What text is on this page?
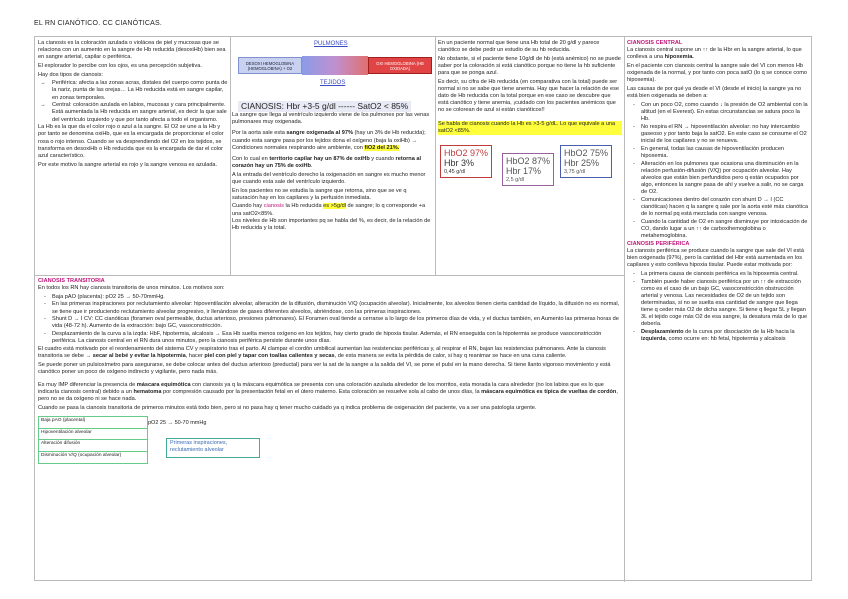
EL RN CIANÓTICO. CC CIANÓTICAS.

La cianosis es la coloración azulada o violácea de piel y mucosas que se relaciona con un aumento en la sangre de Hb reducida (desoxiHb) bien sea en sangre arterial, capilar o periférica.

El explorador lo percibe con los ojos, es una percepción subjetiva.

Hay dos tipos de cianosis:

→ Periférica: afecta a las zonas acras, distales del cuerpo como punta de la nariz, punta de las orejas… La Hb reducida está en sangre capilar, en zonas temporales.
→ Central: coloración azulada en labios, mucosas y cara principalmente. Está aumentada la Hb reducida en sangre arterial, es decir la que sale del ventrículo izquierdo y que por tanto afecta a todo el organismo.

La Hb es la que da el color rojo o azul a la sangre. El O2 se une a la Hb y por tanto se denomina oxiHb, que es la encargada de proporcionar el color rosa o rojo intenso. Cuando se va desprendiendo del O2 en los tejidos, se transforma en desoxiHb o Hb reducida que es la encargada de dar el color azul característico.

Por este motivo la sangre arterial es rojo y la sangre venosa es azulada.

PULMONES
DESOXI HEMOGLOBINA (HEMOGLOBINA) + O2
OXI HEMOGLOBINA (HB OXIDADA)
TEJIDOS
CIANOSIS: Hbr +3-5 g/dl ------ SatO2 < 85%

La sangre que llega al ventrículo izquierdo viene de los pulmones por las venas pulmonares muy oxigenada.

Por la aorta sale esta sangre oxigenada al 97% (hay un 3% de Hb reducida); cuando esta sangre pasa por los tejidos dona el oxígeno (baja la oxiHb) → Condiciones normales respirando aire ambiente, con fiO2 del 21%.

Con lo cual en territorio capilar hay un 87% de oxiHb y cuando retorna al corazón hay un 75% de oxiHb.

A la entrada del ventrículo derecho la oxigenación en sangre es mucho menor que cuando esta sale del ventrículo izquierdo.

En los pacientes no se estudia la sangre que retorna, sino que se ve q saturación hay en los capilares y la perfusión inmediata.

Cuando hay cianosis la Hb reducida es >5g/dl de sangre; lo q corresponde +a una satO2<85%.

Los niveles de Hb son importantes pq se habla del %, es decir, de la relación de Hb reducida y la total.

En un paciente normal que tiene una Hb total de 20 g/dl y parece cianótico se debe pedir un estudio de su hb reducida.

No obstante, si el paciente tiene 10g/dl de hb (está anémico) no se puede saber por la coloración si está cianótico porque no tiene la hb suficiente para que se ponga azul.

Es decir, su cifra de Hb reducida (en comparativa con la total) puede ser normal si no se sabe que tiene anemia. Hay que hacer la relación de ese dato de Hb reducida con la total porque en ese caso se descubre que está cianótico y tiene anemia, ¡cuidado con los pacientes anémicos que no se colorean de azul si están cianóticos!!

Se habla de cianosis cuando la Hb es >3-5 g/dL. Lo que equivale a una satO2 <85%.

HbO2 97%
Hbr 3%
0,45 g/dl
HbO2 87%
Hbr 17%
2,5 g/dl
HbO2 75%
Hbr 25%
3,75 g/dl
CIANOSIS CENTRAL

La cianosis central supone un ↑↑ de la Hbr en la sangre arterial, lo que conlleva a una hipoxemia.

En el paciente con cianosis central la sangre sale del VI con menos Hb oxigenada de la normal, y por tanto con poca satO (lo q se conoce como hipoxemia).

Las causas de por qué ya desde el VI (desde el inicio) la sangre ya no está bien oxigenada se deben a:

- Con un poco O2, como cuando ↓ la presión de O2 ambiental con la altitud (en el Everest). En estas circunstancias se satura poco la Hb.
- No respira el RN → hipoventilación alveolar: no hay intercambio gaseoso y por tanto baja la satO2. En este caso se consume el O2 inicial de los capilares y no se renueva.
- En general, todas las causas de hipoventilación producen hipoxemia.
- Alteración en los pulmones que ocasiona una disminución en la relación perfusión-difusión (V/Q) por ocupación alveolar. Hay alveolos que están bien perfundidos pero q están ocupados por algo, entonces la sangre pasa de ahí y vuelve a salir, no se carga de O2.
- Comunicaciones dentro del corazón con shunt D → I (CC cianóticas) hacen q la sangre q sale por la aorta esté más cianótica de lo normal pq está mezclada con sangre venosa.
- Cuando la cantidad de O2 en sangre disminuye por intoxicación de CO, dando lugar a un ↑↑ de carboxihemoglobina o metahemoglobina.
CIANOSIS PERIFÉRICA

La cianosis periférica se produce cuando la sangre que sale del VI está bien oxigenada (97%), pero la cantidad del Hbr está aumentada en los capilares y esto conlleva hipoxia tisular. Puede estar motivada por:

- La primera causa de cianosis periférica es la hipoxemia central.
- También puede haber cianosis periférica por un ↑↑ de extracción como es el caso de un bajo GC, vasoconstricción obstrucción arterial y venosa. Las necesidades de O2 de un tejido son determinadas, si no se suelta esa cantidad de sangre que llega tiene q ceder más O2 de dicha sangre. Si tiene q llegar 5L y llegan 3L el tejido coge más O2 de esa sangre, la desatura más de lo que debería.
- Desplazamiento de la curva por disociación de la Hb hacia la izquierda, como ocurre en: hb fetal, hipotermia y alcalosis
CIANOSIS TRANSITORIA

En todos los RN hay cianosis transitoria de unos minutos. Los motivos son:

- Baja pAO (placenta): pO2 25 → 50-70mmHg.
- En las primeras inspiraciones por reclutamiento alveolar: hipoventilación alveolar, alteración de la difusión, disminución V/Q (ocupación alveolar). Inicialmente, los alveolos tienen cierta cantidad de líquido, la difusión no es normal, se tiene que ir produciendo reclutamiento alveolar progresivo, ir llenándose de gases diferentes alveolos, abriéndose, con las primeras inspiraciones.
- Shunt D → I CV: CC cianóticas (foramen oval permeable, ductus arterioso, presiones pulmonares). El Foramen oval tiende a cerrarse a lo largo de los primeros días de vida, y el ductus también, en Aumento las primeras horas de vida (48-72 h). Aumento de la extracción: bajo GC, vasoconstricción.
- Desplazamiento de la curva a la izqda: HbF, hipotermia, alcalosis → Esa Hb suelta menos oxígeno en los tejidos, hay cierto grado de hipoxia tisular. Además, el RN enseguida con la hipotermia se produce vasoconstricción periférica. La cianosis central en el RN dura unos minutos, pero la cianosis periférica persiste durante unos días.

El cuadro está motivado por el reordenamiento del sistema CV y respiratorio tras el parto. Al clampar el cordón umbilical aumentan las resistencias periféricas y, al respirar el RN, bajan las resistencias pulmonares. Ante la cianosis transitoria se debe → secar al bebé y evitar la hipotermia, hacer piel con piel y tapar con toallas calientes y secas, de esta manera se evita la pérdida de calor, si hay q reanimar se hace en una cuna caliente.

Se puede poner un pulsioxímetro para asegurarse, se debe colocar antes del ductus arterioso (preductal) para ver la sat de la sangre a la salida del VI, se pone el pulsí en la mano derecha. Si tiene llanto vigoroso movimiento y está cianótico poner un poco de oxígeno indirecto y vigilante, pero nada más.

Es muy IMP diferenciar la presencia de máscara equimótica con cianosis ya q la máscara equimótica se presenta con una coloración azulada alrededor de los morritos, esta morada la cara alrededor (no los labios que es lo que indicaría cianosis central) debido a un hematoma por compresión causado por la presentación fetal en el útero materno. Esta coloración se resuelve sola al cabo de unos días, la máscara equimótica es típica de vueltas de cordón, pero no se da oxígeno ni se hace nada.

Cuando se pasa la cianosis transitoria de primeros minutos está todo bien, pero si no pasa hay q tener mucho cuidado ya q indica problema de oxigenación del paciente, va a ser una patología urgente.

Baja pAO (placental)
Hipoventilación alveolar
Alteración difusión
Disminución V/Q (ocupación alveolar)
pO2 25 → 50-70 mmHg
Primeras inspiraciones, reclutamiento alveolar
